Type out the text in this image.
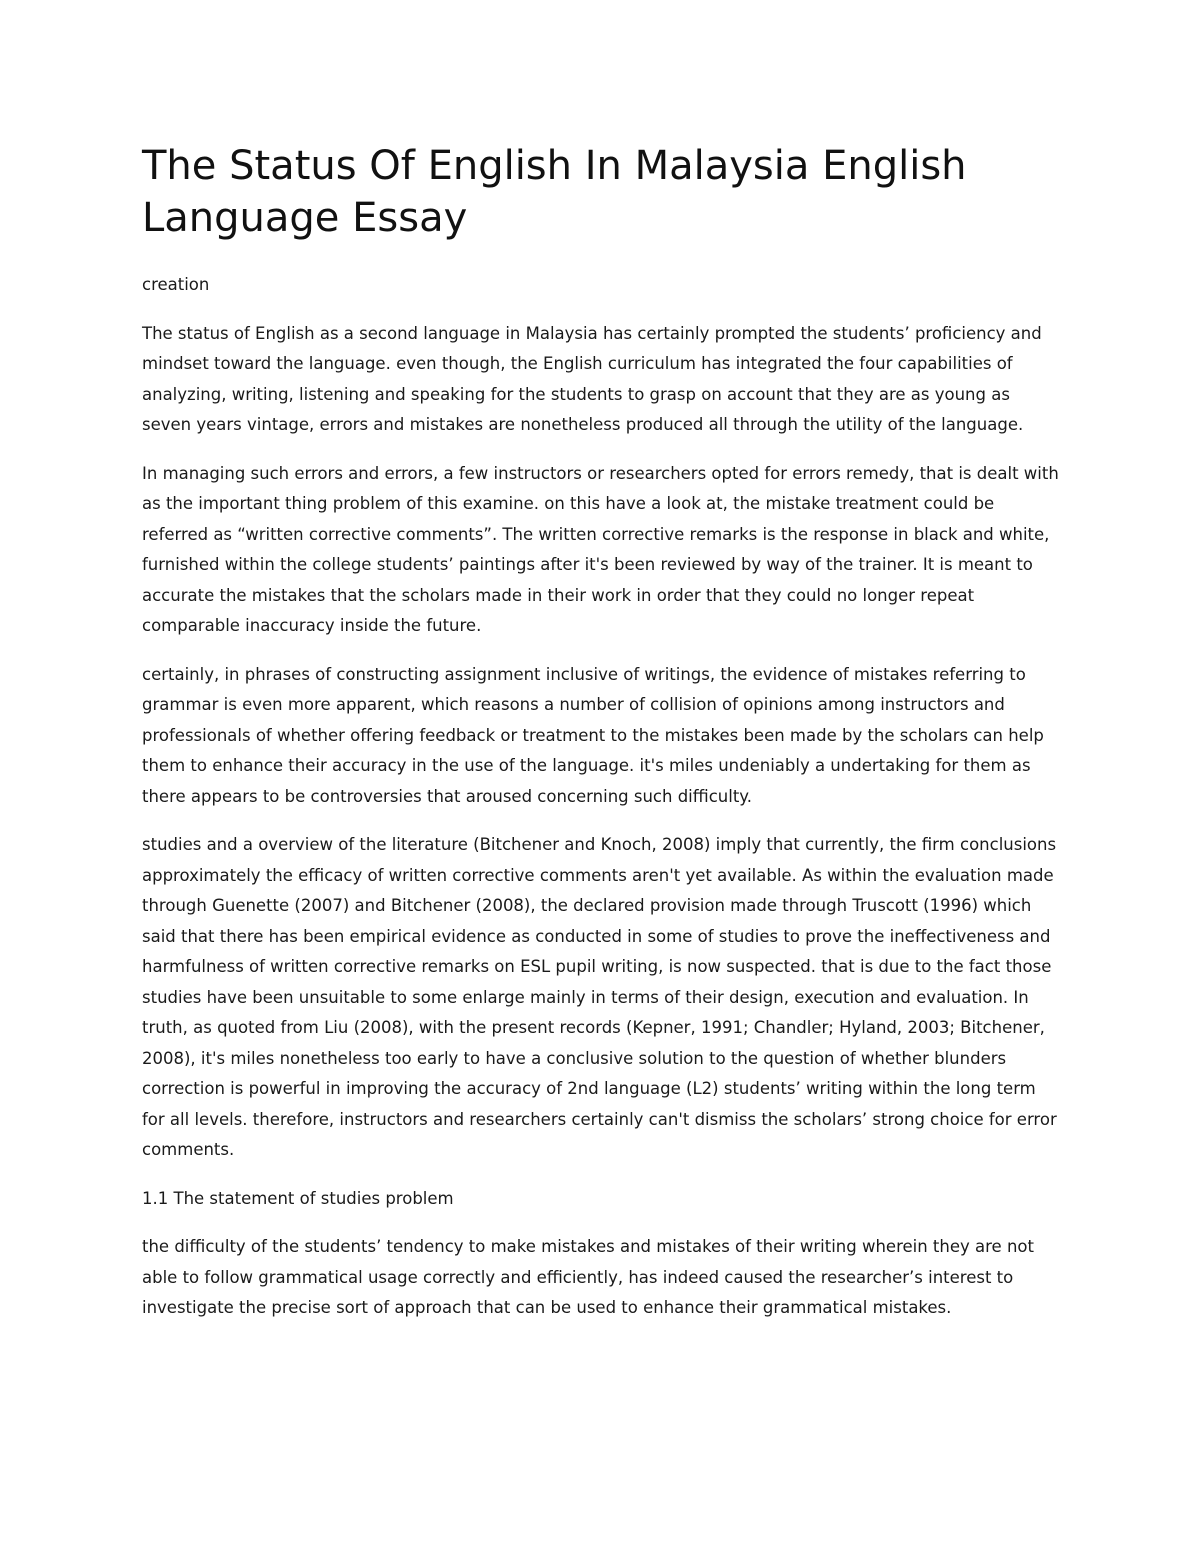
The Status Of English In Malaysia English Language Essay

creation

The status of English as a second language in Malaysia has certainly prompted the students’ proficiency and mindset toward the language. even though, the English curriculum has integrated the four capabilities of analyzing, writing, listening and speaking for the students to grasp on account that they are as young as seven years vintage, errors and mistakes are nonetheless produced all through the utility of the language.

In managing such errors and errors, a few instructors or researchers opted for errors remedy, that is dealt with as the important thing problem of this examine. on this have a look at, the mistake treatment could be referred as “written corrective comments”. The written corrective remarks is the response in black and white, furnished within the college students’ paintings after it's been reviewed by way of the trainer. It is meant to accurate the mistakes that the scholars made in their work in order that they could no longer repeat comparable inaccuracy inside the future.

certainly, in phrases of constructing assignment inclusive of writings, the evidence of mistakes referring to grammar is even more apparent, which reasons a number of collision of opinions among instructors and professionals of whether offering feedback or treatment to the mistakes been made by the scholars can help them to enhance their accuracy in the use of the language. it's miles undeniably a undertaking for them as there appears to be controversies that aroused concerning such difficulty.

studies and a overview of the literature (Bitchener and Knoch, 2008) imply that currently, the firm conclusions approximately the efficacy of written corrective comments aren't yet available. As within the evaluation made through Guenette (2007) and Bitchener (2008), the declared provision made through Truscott (1996) which said that there has been empirical evidence as conducted in some of studies to prove the ineffectiveness and harmfulness of written corrective remarks on ESL pupil writing, is now suspected. that is due to the fact those studies have been unsuitable to some enlarge mainly in terms of their design, execution and evaluation. In truth, as quoted from Liu (2008), with the present records (Kepner, 1991; Chandler; Hyland, 2003; Bitchener, 2008), it's miles nonetheless too early to have a conclusive solution to the question of whether blunders correction is powerful in improving the accuracy of 2nd language (L2) students’ writing within the long term for all levels. therefore, instructors and researchers certainly can't dismiss the scholars’ strong choice for error comments.

1.1 The statement of studies problem

the difficulty of the students’ tendency to make mistakes and mistakes of their writing wherein they are not able to follow grammatical usage correctly and efficiently, has indeed caused the researcher’s interest to investigate the precise sort of approach that can be used to enhance their grammatical mistakes.
